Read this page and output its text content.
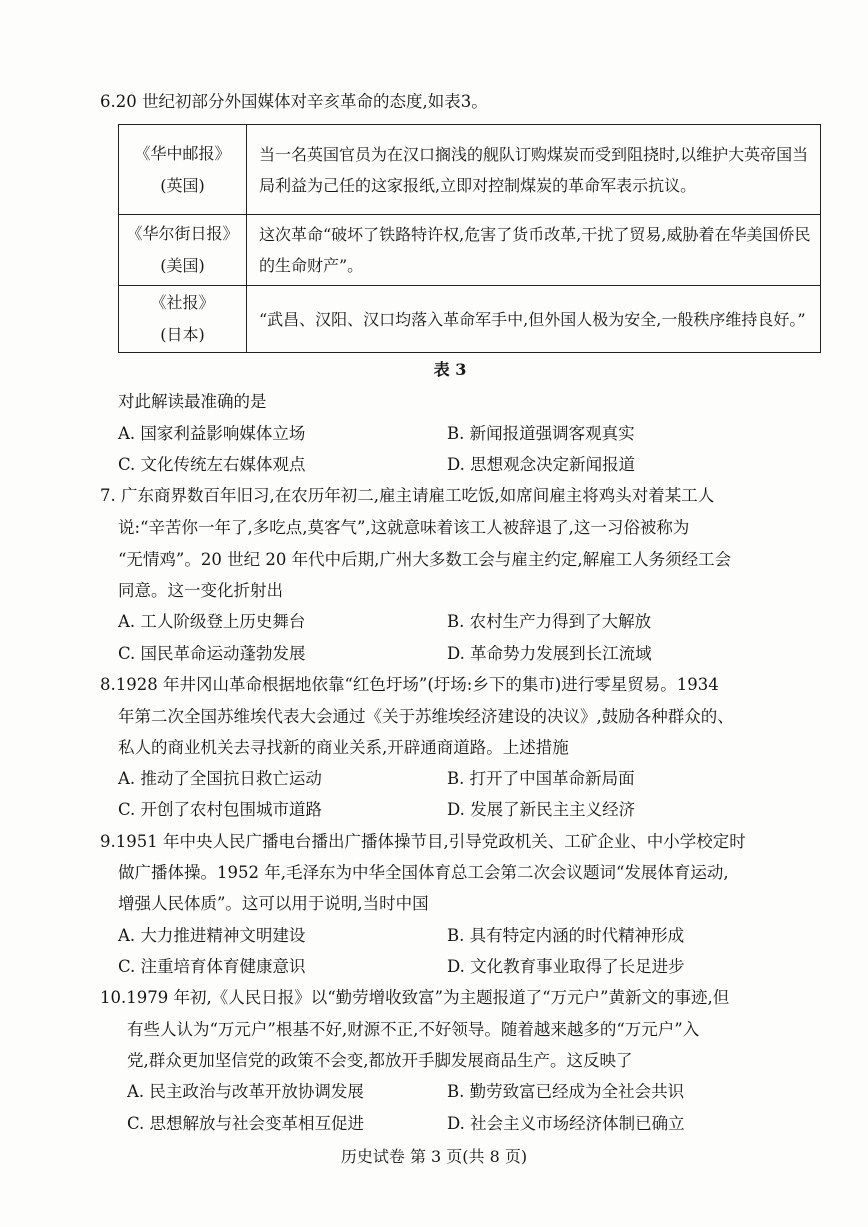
6.20 世纪初部分外国媒体对辛亥革命的态度,如表3。
《华中邮报》
(英国)	当一名英国官员为在汉口搁浅的舰队订购煤炭而受到阻挠时,以维护大英帝国当局利益为己任的这家报纸,立即对控制煤炭的革命军表示抗议。

《华尔街日报》
(美国)	这次革命“破坏了铁路特许权,危害了货币改革,干扰了贸易,威胁着在华美国侨民的生命财产”。

《社报》
(日本)	“武昌、汉阳、汉口均落入革命军手中,但外国人极为安全,一般秩序维持良好。”
表 3
对此解读最准确的是
A. 国家利益影响媒体立场	B. 新闻报道强调客观真实
C. 文化传统左右媒体观点	D. 思想观念决定新闻报道
7. 广东商界数百年旧习,在农历年初二,雇主请雇工吃饭,如席间雇主将鸡头对着某工人
说:“辛苦你一年了,多吃点,莫客气”,这就意味着该工人被辞退了,这一习俗被称为
“无情鸡”。20 世纪 20 年代中后期,广州大多数工会与雇主约定,解雇工人务须经工会
同意。这一变化折射出
A. 工人阶级登上历史舞台	B. 农村生产力得到了大解放
C. 国民革命运动蓬勃发展	D. 革命势力发展到长江流域
8.1928 年井冈山革命根据地依靠“红色圩场”(圩场:乡下的集市)进行零星贸易。1934
年第二次全国苏维埃代表大会通过《关于苏维埃经济建设的决议》,鼓励各种群众的、
私人的商业机关去寻找新的商业关系,开辟通商道路。上述措施
A. 推动了全国抗日救亡运动	B. 打开了中国革命新局面
C. 开创了农村包围城市道路	D. 发展了新民主主义经济
9.1951 年中央人民广播电台播出广播体操节目,引导党政机关、工矿企业、中小学校定时
做广播体操。1952 年,毛泽东为中华全国体育总工会第二次会议题词“发展体育运动,
增强人民体质”。这可以用于说明,当时中国
A. 大力推进精神文明建设	B. 具有特定内涵的时代精神形成
C. 注重培育体育健康意识	D. 文化教育事业取得了长足进步
10.1979 年初,《人民日报》以“勤劳增收致富”为主题报道了“万元户”黄新文的事迹,但
有些人认为“万元户”根基不好,财源不正,不好领导。随着越来越多的“万元户”入
党,群众更加坚信党的政策不会变,都放开手脚发展商品生产。这反映了
A. 民主政治与改革开放协调发展	B. 勤劳致富已经成为全社会共识
C. 思想解放与社会变革相互促进	D. 社会主义市场经济体制已确立
历史试卷 第 3 页(共 8 页)
